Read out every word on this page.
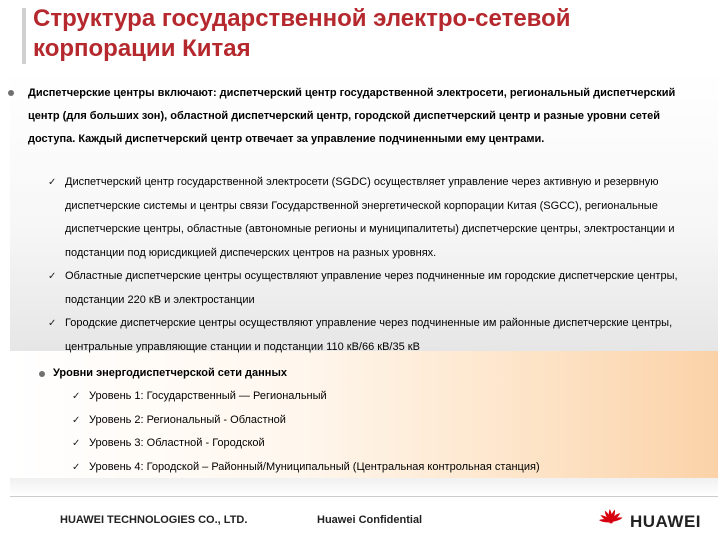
Структура государственной электро-сетевой корпорации Китая
Диспетчерские центры включают: диспетчерский центр государственной электросети, региональный диспетчерский центр (для больших зон), областной диспетчерский центр, городской диспетчерский центр и разные уровни сетей доступа. Каждый диспетчерский центр отвечает за управление подчиненными ему центрами.
✓ Диспетчерский центр государственной электросети (SGDC) осуществляет управление через активную и резервную диспетчерские системы и центры связи Государственной энергетической корпорации Китая (SGCC), региональные диспетчерские центры, областные (автономные регионы и муниципалитеты) диспетчерские центры, электростанции и подстанции под юрисдикцией диспечерских центров на разных уровнях.
✓ Областные диспетчерские центры осуществляют управление через подчиненные им городские диспетчерские центры, подстанции 220 кВ и электростанции
✓ Городские диспетчерские центры осуществляют управление через подчиненные им районные диспетчерские центры, центральные управляющие станции и подстанции 110 кВ/66 кВ/35 кВ
Уровни энергодиспетчерской сети данных
✓ Уровень 1: Государственный — Региональный
✓ Уровень 2: Региональный - Областной
✓ Уровень 3: Областной - Городской
✓ Уровень 4: Городской – Районный/Муниципальный (Центральная контрольная станция)
HUAWEI TECHNOLOGIES CO., LTD.	Huawei Confidential	HUAWEI
